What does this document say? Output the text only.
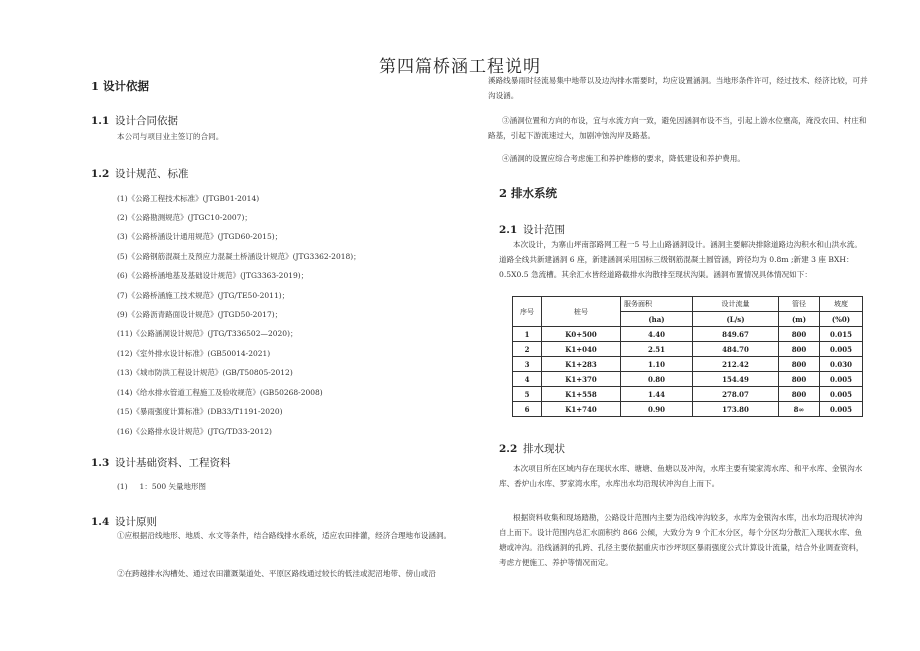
第四篇桥涵工程说明
1 设计依据
1.1 设计合同依据
本公司与项目业主签订的合同。
1.2 设计规范、标准
(1)《公路工程技术标准》(JTGB01-2014)
(2)《公路勘测规范》(JTGC10-2007)；
(3)《公路桥涵设计通用规范》(JTGD60-2015)；
(5)《公路钢筋混凝土及预应力混凝土桥涵设计规范》(JTG3362-2018)；
(6)《公路桥涵地基及基础设计规范》(JTG3363-2019)；
(7)《公路桥涵施工技术规范》(JTG/TE50-2011)；
(9)《公路沥青路面设计规范》(JTGD50-2017)；
(11)《公路涵洞设计规范》(JTG/T336502—2020)；
(12)《室外排水设计标准》(GB50014-2021)
(13)《城市防洪工程设计规范》(GB/T50805-2012)
(14)《给水排水管道工程施工及验收规范》(GB50268-2008)
(15)《暴雨强度计算标准》(DB33/T1191-2020)
(16)《公路排水设计规范》(JTG/TD33-2012)
1.3 设计基础资料、工程资料
(1)     1：500 矢量地形图
1.4 设计原则
①应根据沿线地形、地质、水文等条件，结合路线排水系统，适应农田排灌，经济合理地布设涵洞。
②在跨越排水沟槽处、通过农田灌溉渠道处、平原区路线通过较长的低洼或泥沼地带、傍山或沿
溪路线暴雨时径流易集中地带以及边沟排水需要时，均应设置涵洞。当地形条件许可，经过技术、经济比较，可并沟设涵。
③涵洞位置和方向的布设，宜与水流方向一致，避免因涵洞布设不当，引起上游水位壅高，淹没农田、村庄和路基，引起下游流速过大，加剧冲蚀沟岸及路基。
④涵洞的设置应综合考虑施工和养护维修的要求，降低建设和养护费用。
2 排水系统
2.1 设计范围
本次设计，为寨山坪南部路网工程一5 号上山路涵洞设计。涵洞主要解决排除道路边沟积水和山洪水流。道路全线共新建涵洞 6 座，新建涵洞采用国标三级钢筋混凝土圆管涵，跨径均为 0.8m ;新建 3 座 BXH：0.5X0.5 急流槽。其余汇水皆经道路截排水沟散排至现状沟渠。涵洞布置情况具体情况如下：
序号	桩号	服务面积	设计流量	管径	坡度
		(ha)	(L/s)	(m)	(%0)
1	K0+500	4.40	849.67	800	0.015
2	K1+040	2.51	484.70	800	0.005
3	K1+283	1.10	212.42	800	0.030
4	K1+370	0.80	154.49	800	0.005
5	K1+558	1.44	278.07	800	0.005
6	K1+740	0.90	173.80	8∞	0.005
2.2 排水现状
本次项目所在区域内存在现状水库、塘塘、鱼塘以及冲沟，水库主要有梁家湾水库、和平水库、金银沟水库、香炉山水库、罗家湾水库，水库出水均沿现状冲沟自上而下。
根据资料收集和现场踏勘，公路设计范围内主要为沿线冲沟较多，水库为金银沟水库，出水均沿现状冲沟自上而下。设计范围内总汇水面积约 866 公倾，大致分为 9 个汇水分区，每个分区均分散汇入现状水库、鱼塘或冲沟。沿线涵洞的孔跨、孔径主要依据重庆市沙坪坝区暴雨强度公式计算设计流量，结合外业调查资料，考虑方便施工、养护等情况而定。
